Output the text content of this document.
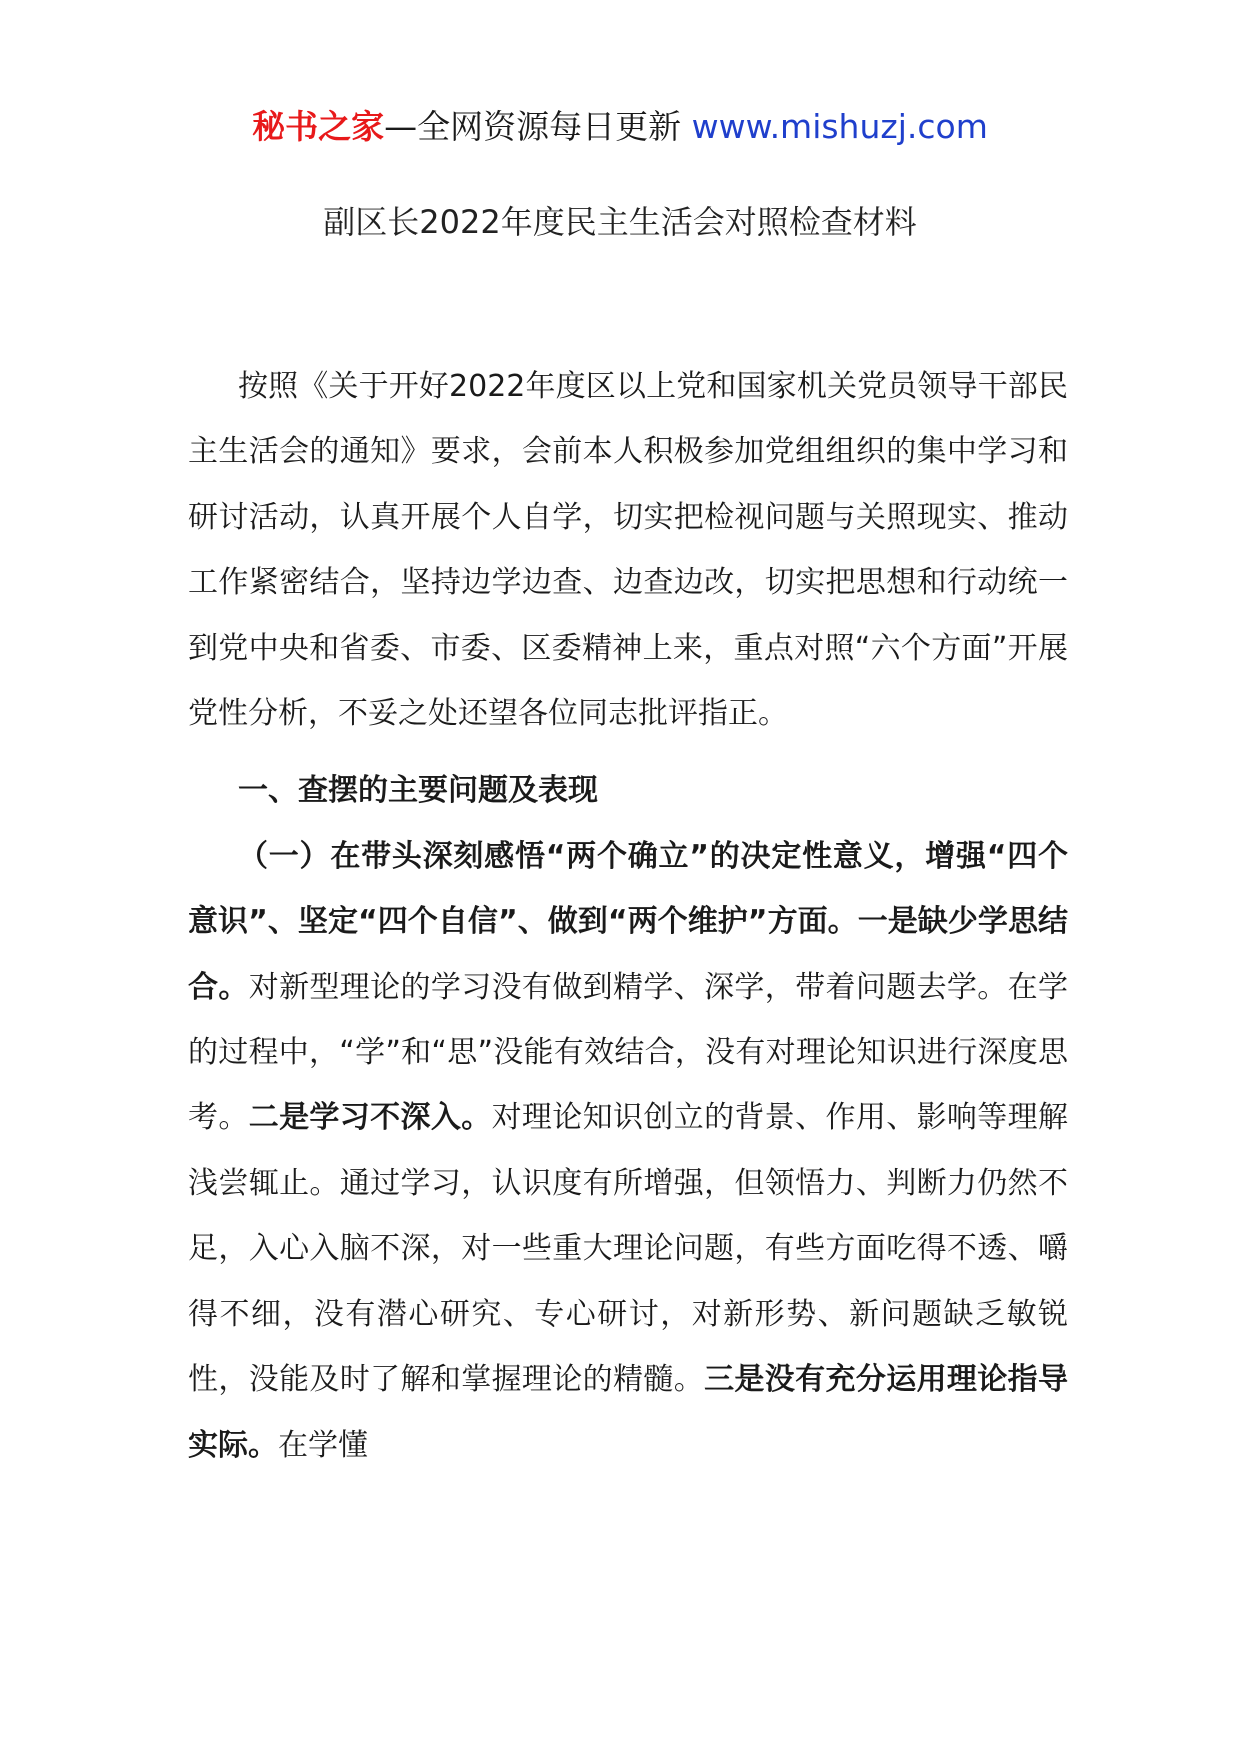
秘书之家—全网资源每日更新 www.mishuzj.com
副区长2022年度民主生活会对照检查材料

按照《关于开好2022年度区以上党和国家机关党员领导干部民主生活会的通知》要求，会前本人积极参加党组组织的集中学习和研讨活动，认真开展个人自学，切实把检视问题与关照现实、推动工作紧密结合，坚持边学边查、边查边改，切实把思想和行动统一到党中央和省委、市委、区委精神上来，重点对照“六个方面”开展党性分析，不妥之处还望各位同志批评指正。

一、查摆的主要问题及表现

（一）在带头深刻感悟“两个确立”的决定性意义，增强“四个意识”、坚定“四个自信”、做到“两个维护”方面。一是缺少学思结合。对新型理论的学习没有做到精学、深学，带着问题去学。在学的过程中，“学”和“思”没能有效结合，没有对理论知识进行深度思考。二是学习不深入。对理论知识创立的背景、作用、影响等理解浅尝辄止。通过学习，认识度有所增强，但领悟力、判断力仍然不足，入心入脑不深，对一些重大理论问题，有些方面吃得不透、嚼得不细，没有潜心研究、专心研讨，对新形势、新问题缺乏敏锐性，没能及时了解和掌握理论的精髓。三是没有充分运用理论指导实际。在学懂
